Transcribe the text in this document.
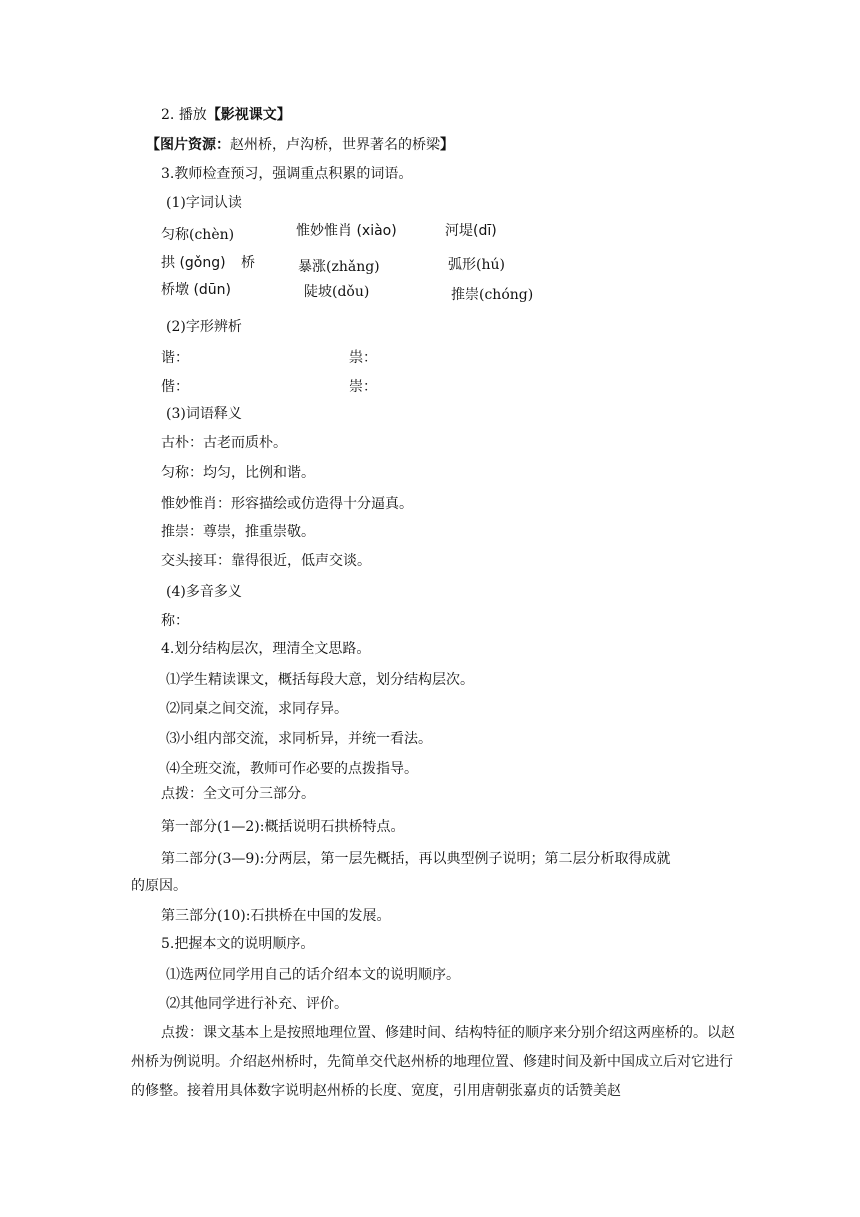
2. 播放【影视课文】
【图片资源：赵州桥，卢沟桥，世界著名的桥梁】
3.教师检查预习，强调重点积累的词语。
(1)字词认读
匀称(chèn)	惟妙惟肖 (xiào)	河堤(dī)
拱 (gǒng) 桥	暴涨(zhǎng)	弧形(hú)
桥墩 (dūn)	陡坡(dǒu)	推崇(chóng)
(2)字形辨析
谐：	祟：
偕：	崇：
(3)词语释义
古朴：古老而质朴。
匀称：均匀，比例和谐。
惟妙惟肖：形容描绘或仿造得十分逼真。
推崇：尊崇，推重崇敬。
交头接耳：靠得很近，低声交谈。
(4)多音多义
称：
4.划分结构层次，理清全文思路。
⑴学生精读课文，概括每段大意，划分结构层次。
⑵同桌之间交流，求同存异。
⑶小组内部交流，求同析异，并统一看法。
⑷全班交流，教师可作必要的点拨指导。
点拨：全文可分三部分。
第一部分(1—2):概括说明石拱桥特点。
第二部分(3—9):分两层，第一层先概括，再以典型例子说明；第二层分析取得成就
的原因。
第三部分(10):石拱桥在中国的发展。
5.把握本文的说明顺序。
⑴选两位同学用自己的话介绍本文的说明顺序。
⑵其他同学进行补充、评价。
点拨：课文基本上是按照地理位置、修建时间、结构特征的顺序来分别介绍这两座桥的。以赵州桥为例说明。介绍赵州桥时，先简单交代赵州桥的地理位置、修建时间及新中国成立后对它进行的修整。接着用具体数字说明赵州桥的长度、宽度，引用唐朝张嘉贞的话赞美赵
